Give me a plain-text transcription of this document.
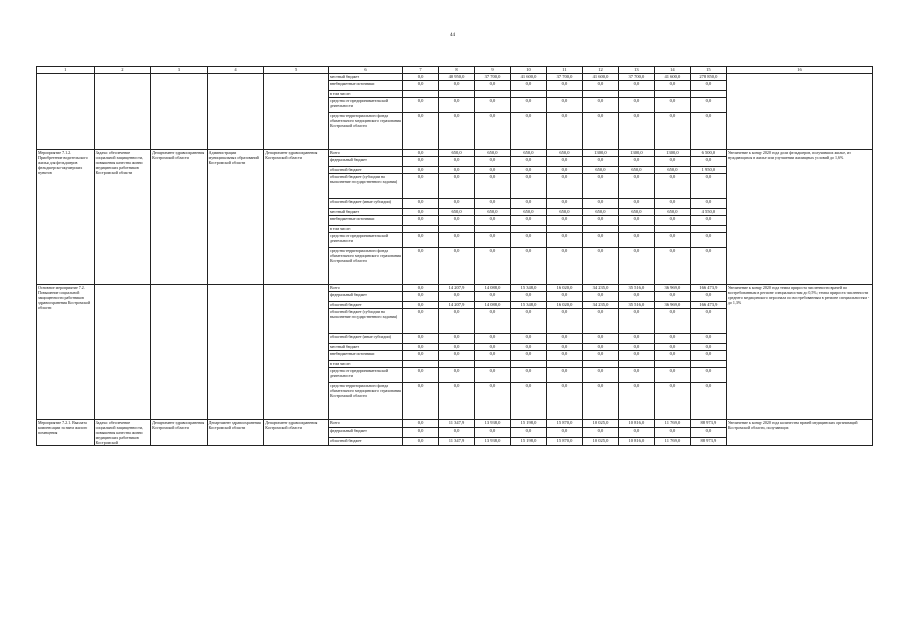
44
1	2	3	4	5	6	7	8	9	10	11	12	13	14	15	16
					местный бюджет	0,0	40 950,0	37 700,0	41 600,0	37 700,0	41 600,0	37 700,0	41 600,0	278 850,0	
					внебюджетные источники	0,0	0,0	0,0	0,0	0,0	0,0	0,0	0,0	0,0	
					в том числе:										
					средства от предпринимательской деятельности	0,0	0,0	0,0	0,0	0,0	0,0	0,0	0,0	0,0	
					средства территориального фонда обязательного медицинского страхования Костромской области	0,0	0,0	0,0	0,0	0,0	0,0	0,0	0,0	0,0	
Мероприятие 7.1.2. Приобретение водительского жилья для фельдшеров фельдшерско-акушерских пунктов	Задача: обеспечение социальной защищенности, повышения качества жизни медицинских работников Костромской области	Департамент здравоохранения Костромской области	Администрации муниципальных образований Костромской области	Департамент здравоохранения Костромской области	Всего	0,0	650,0	650,0	650,0	650,0	1300,0	1300,0	1300,0	6 500,0	Увеличение к концу 2020 года доли фельдшеров, получивших жилье, из нуждающихся в жилье или улучшении жилищных условий до 1,6%
					федеральный бюджет	0,0	0,0	0,0	0,0	0,0	0,0	0,0	0,0	0,0	
					областной бюджет	0,0	0,0	0,0	0,0	0,0	650,0	650,0	650,0	1 950,0	
					областной бюджет (субсидии на выполнение государственного задания)	0,0	0,0	0,0	0,0	0,0	0,0	0,0	0,0	0,0	
					областной бюджет (иные субсидии)	0,0	0,0	0,0	0,0	0,0	0,0	0,0	0,0	0,0	
					местный бюджет	0,0	650,0	650,0	650,0	650,0	650,0	650,0	650,0	4 550,0	
					внебюджетные источники	0,0	0,0	0,0	0,0	0,0	0,0	0,0	0,0	0,0	
					в том числе:										
					средства от предпринимательской деятельности	0,0	0,0	0,0	0,0	0,0	0,0	0,0	0,0	0,0	
					средства территориального фонда обязательного медицинского страхования Костромской области	0,0	0,0	0,0	0,0	0,0	0,0	0,0	0,0	0,0	
Основное мероприятие 7.2. Повышение социальной защищенности работников здравоохранения Костромской области					Всего	0,0	14 207,9	14 088,0	15 348,0	16 020,0	34 235,0	35 516,0	36 969,0	166 473,9	Увеличение к концу 2020 года темпа прироста численности врачей по востребованным в регионе специальностям до 0,5%; темпа прироста численности среднего медицинского персонала по востребованным в регионе специальностям - до 1,3%
					федеральный бюджет	0,0	0,0	0,0	0,0	0,0	0,0	0,0	0,0	0,0	
					областной бюджет	0,0	14 207,9	14 088,0	15 348,0	16 020,0	34 235,0	35 516,0	36 969,0	166 473,9	
					областной бюджет (субсидии на выполнение государственного задания)	0,0	0,0	0,0	0,0	0,0	0,0	0,0	0,0	0,0	
					областной бюджет (иные субсидии)	0,0	0,0	0,0	0,0	0,0	0,0	0,0	0,0	0,0	
					местный бюджет	0,0	0,0	0,0	0,0	0,0	0,0	0,0	0,0	0,0	
					внебюджетные источники	0,0	0,0	0,0	0,0	0,0	0,0	0,0	0,0	0,0	
					в том числе:										
					средства от предпринимательской деятельности	0,0	0,0	0,0	0,0	0,0	0,0	0,0	0,0	0,0	
					средства территориального фонда обязательного медицинского страхования Костромской области	0,0	0,0	0,0	0,0	0,0	0,0	0,0	0,0	0,0	
Мероприятие 7.2.1. Выплата компенсации за наем жилого помещения	Задача: обеспечение социальной защищенности, повышения качества жизни медицинских работников Костромской	Департамент здравоохранения Костромской области	Департамент здравоохранения Костромской области	Департамент здравоохранения Костромской области	Всего	0,0	11 347,9	13 938,0	15 198,0	15 870,0	10 025,0	10 816,0	11 769,0	88 973,9	Увеличение к концу 2020 года количества врачей медицинских организаций Костромской области, получающих
					федеральный бюджет	0,0	0,0	0,0	0,0	0,0	0,0	0,0	0,0	0,0	
					областной бюджет	0,0	11 347,9	13 938,0	15 198,0	15 870,0	10 025,0	10 816,0	11 769,0	88 973,9	
